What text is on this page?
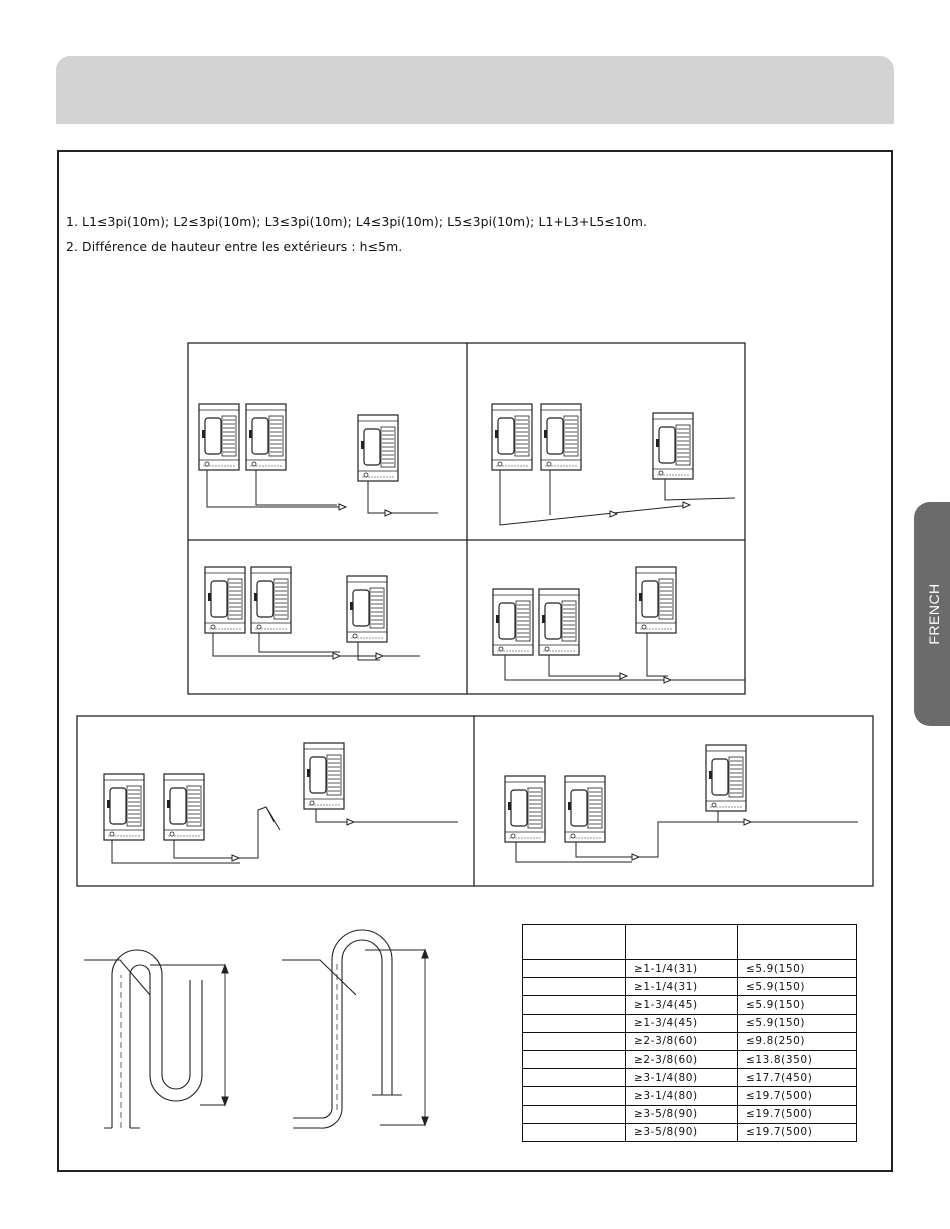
1. L1≤3pi(10m); L2≤3pi(10m); L3≤3pi(10m); L4≤3pi(10m); L5≤3pi(10m); L1+L3+L5≤10m.
2. Différence de hauteur entre les extérieurs : h≤5m.
FRENCH

	≥1-1/4(31)	≤5.9(150)
	≥1-1/4(31)	≤5.9(150)
	≥1-3/4(45)	≤5.9(150)
	≥1-3/4(45)	≤5.9(150)
	≥2-3/8(60)	≤9.8(250)
	≥2-3/8(60)	≤13.8(350)
	≥3-1/4(80)	≤17.7(450)
	≥3-1/4(80)	≤19.7(500)
	≥3-5/8(90)	≤19.7(500)
	≥3-5/8(90)	≤19.7(500)
